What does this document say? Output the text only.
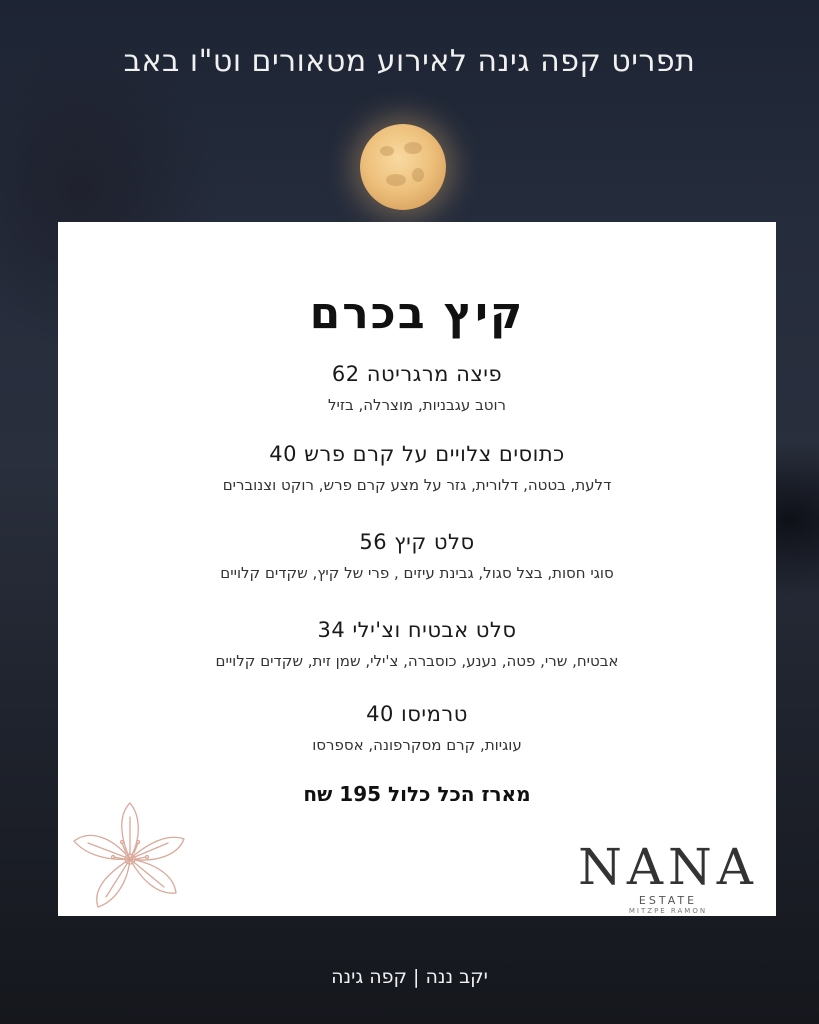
תפריט קפה גינה לאירוע מטאורים וט"ו באב
קיץ בכרם
פיצה מרגריטה 62
רוטב עגבניות, מוצרלה, בזיל
כתוסים צלויים על קרם פרש 40
דלעת, בטטה, דלורית, גזר על מצע קרם פרש, רוקט וצנוברים
סלט קיץ 56
סוגי חסות, בצל סגול, גבינת עיזים , פרי של קיץ, שקדים קלויים
סלט אבטיח וצ'ילי 34
אבטיח, שרי, פטה, נענע, כוסברה, צ'ילי, שמן זית, שקדים קלויים
טרמיסו 40
עוגיות, קרם מסקרפונה, אספרסו
מארז הכל כלול 195 שח
NANA
ESTATE
MITZPE RAMON
יקב ננה | קפה גינה
